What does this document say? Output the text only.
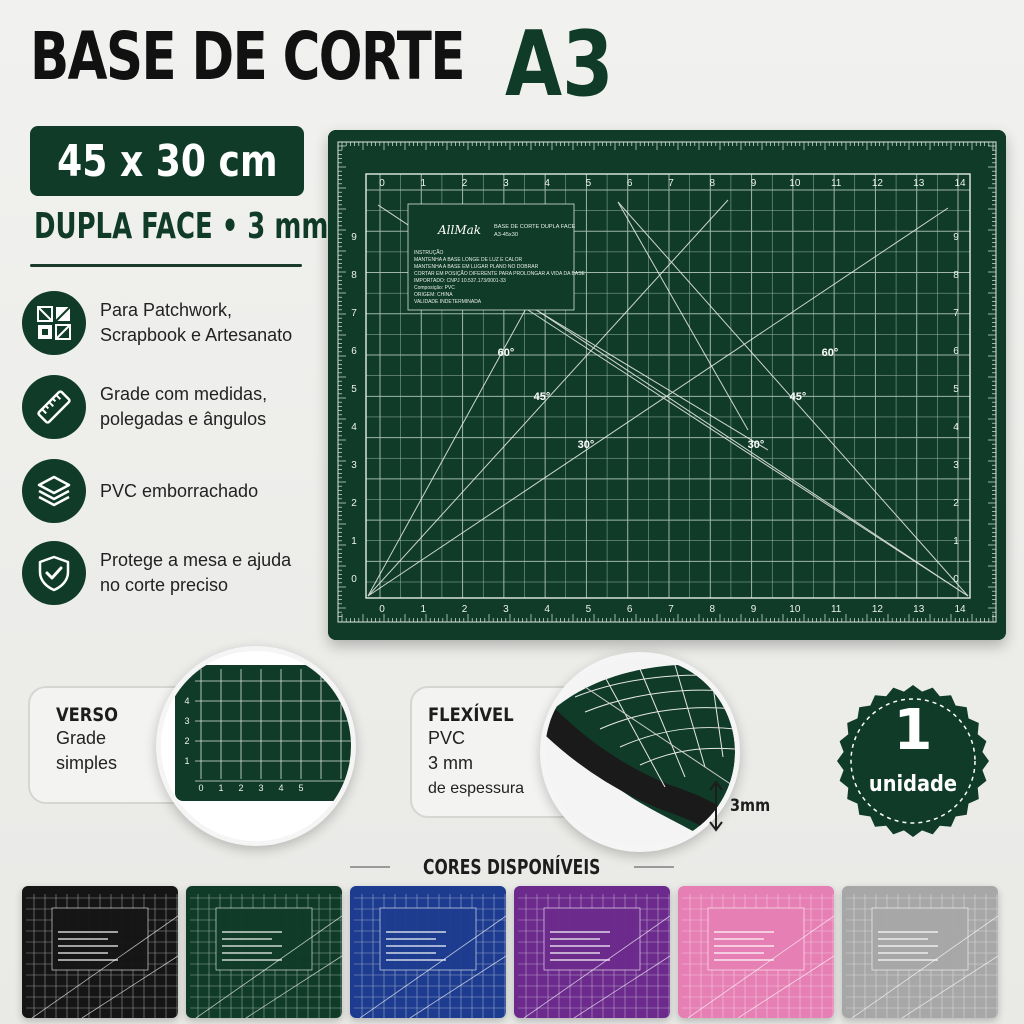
BASE DE CORTE A3
45 x 30 cm
DUPLA FACE • 3 mm
Para Patchwork, Scrapbook e Artesanato
Grade com medidas, polegadas e ângulos
PVC emborrachado
Protege a mesa e ajuda no corte preciso
0	1	2	3	4	5	6	7	8	9	10	11	12	13	14
0	1	2	3	4	5	6	7	8	9	10	11	12	13	14
9	9
8	8
7	7
6	6
5	5
4	4
3	3
2	2
1	1
0	0
60°
45°
30°	30°
45°
60°
AllMak BASE DE CORTE DUPLA FACE
A3-45x30
INSTRUÇÃO
MANTENHA A BASE LONGE DE LUZ E CALOR
MANTENHA A BASE EM LUGAR PLANO NO DOBRAR
CORTAR EM POSIÇÃO DIFERENTE PARA PROLONGAR A VIDA DA BASE
IMPORTADO: CNPJ 10.537.173/0001-33
Composição: PVC
ORIGEM: CHINA
VALIDADE INDETERMINADA
VERSO
Grade
simples
0 1
1
2
2
3
3
4
4
5
FLEXÍVEL
PVC
3 mm
de espessura
3mm
1
unidade
CORES DISPONÍVEIS
